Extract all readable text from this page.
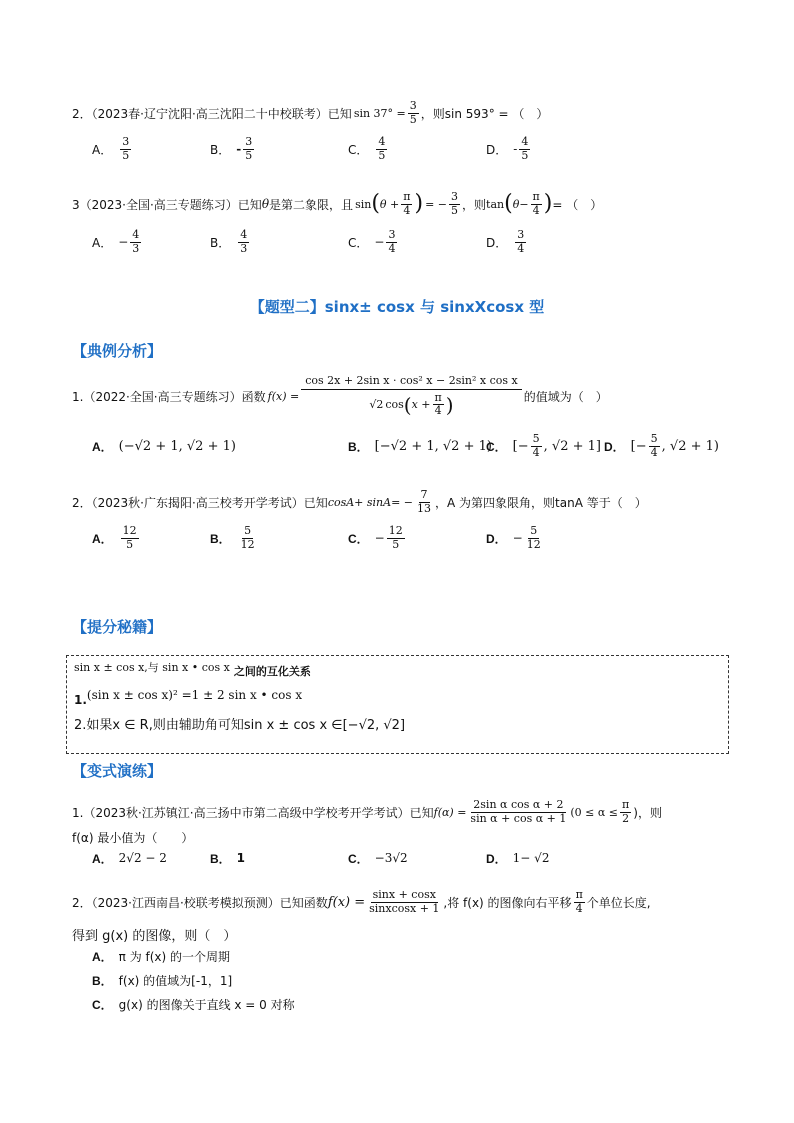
2．（2023春·辽宁沈阳·高三沈阳二十中校联考）已知 $\sin 37^\circ = \frac{3}{5}$ ，则sin 593° = （　）
A． $\frac{3}{5}$	B． - $\frac{3}{5}$	C． $\frac{4}{5}$	D． - $\frac{4}{5}$
3（2023·全国·高三专题练习）已知 θ 是第二象限，且 sin ( $\theta + \frac{\pi}{4}$ ) = − $\frac{3}{5}$ ，则 tan ( $\theta- \frac{\pi}{4}$ ) = （　）
A． − $\frac{4}{3}$	B． $\frac{4}{3}$	C． − $\frac{3}{4}$	D． $\frac{3}{4}$
【题型二】sinx± cosx 与 sinxXcosx 型
【典例分析】
1.（2022·全国·高三专题练习）函数 $f(x) = \frac{\text{cos 2x + 2sin x · cos² x − 2sin² x cos x}}{√2 \cos ( x + \frac{\pi}{4} )}$ 的值域为（　）
A． (−√2 + 1, √2 + 1)	B． [−√2 + 1, √2 + 1)
C． [− $\frac{5}{4}$ , √2 + 1] D． [− $\frac{5}{4}$ , √2 + 1)
2．（2023秋·广东揭阳·高三校考开学考试）已知 $\cos A+ \sin A= - \frac{7}{13}$ ，A 为第四象限角，则tanA 等于（　）
A． $\frac{12}{5}$	B． $\frac{5}{12}$	C． − $\frac{12}{5}$	D． − $\frac{5}{12}$
【提分秘籍】
sin x ± cos x,与 sin x • cos x 之间的互化关系
1. (sin x ± cos x)² =1 ± 2 sin x • cos x
2.如果x ∈ R,则由辅助角可知sin x ± cos x ∈[−√2, √2]
【变式演练】
1.（2023秋·江苏镇江·高三扬中市第二高级中学校考开学考试）已知 $f(\alpha) = \frac{\text{2sin α cos α + 2}}{\text{sin α + cos α + 1}} (0 \le \alpha \le \frac{\pi}{2}$ )，则
f(α) 最小值为（　　）
A． 2√2 − 2	B． 1	C． −3√2	D． 1− √2
2．（2023·江西南昌·校联考模拟预测）已知函数 $f(x) = \frac{\sin x + \cos x}{\text{sinxcosx + 1}}$ ,将 f(x) 的图像向右平移 $\frac{\pi}{4}$ 个单位长度,
得到 g(x) 的图像，则（　）
A． π 为 f(x) 的一个周期
B． f(x) 的值域为[-1，1]
C． g(x) 的图像关于直线 x = 0 对称
